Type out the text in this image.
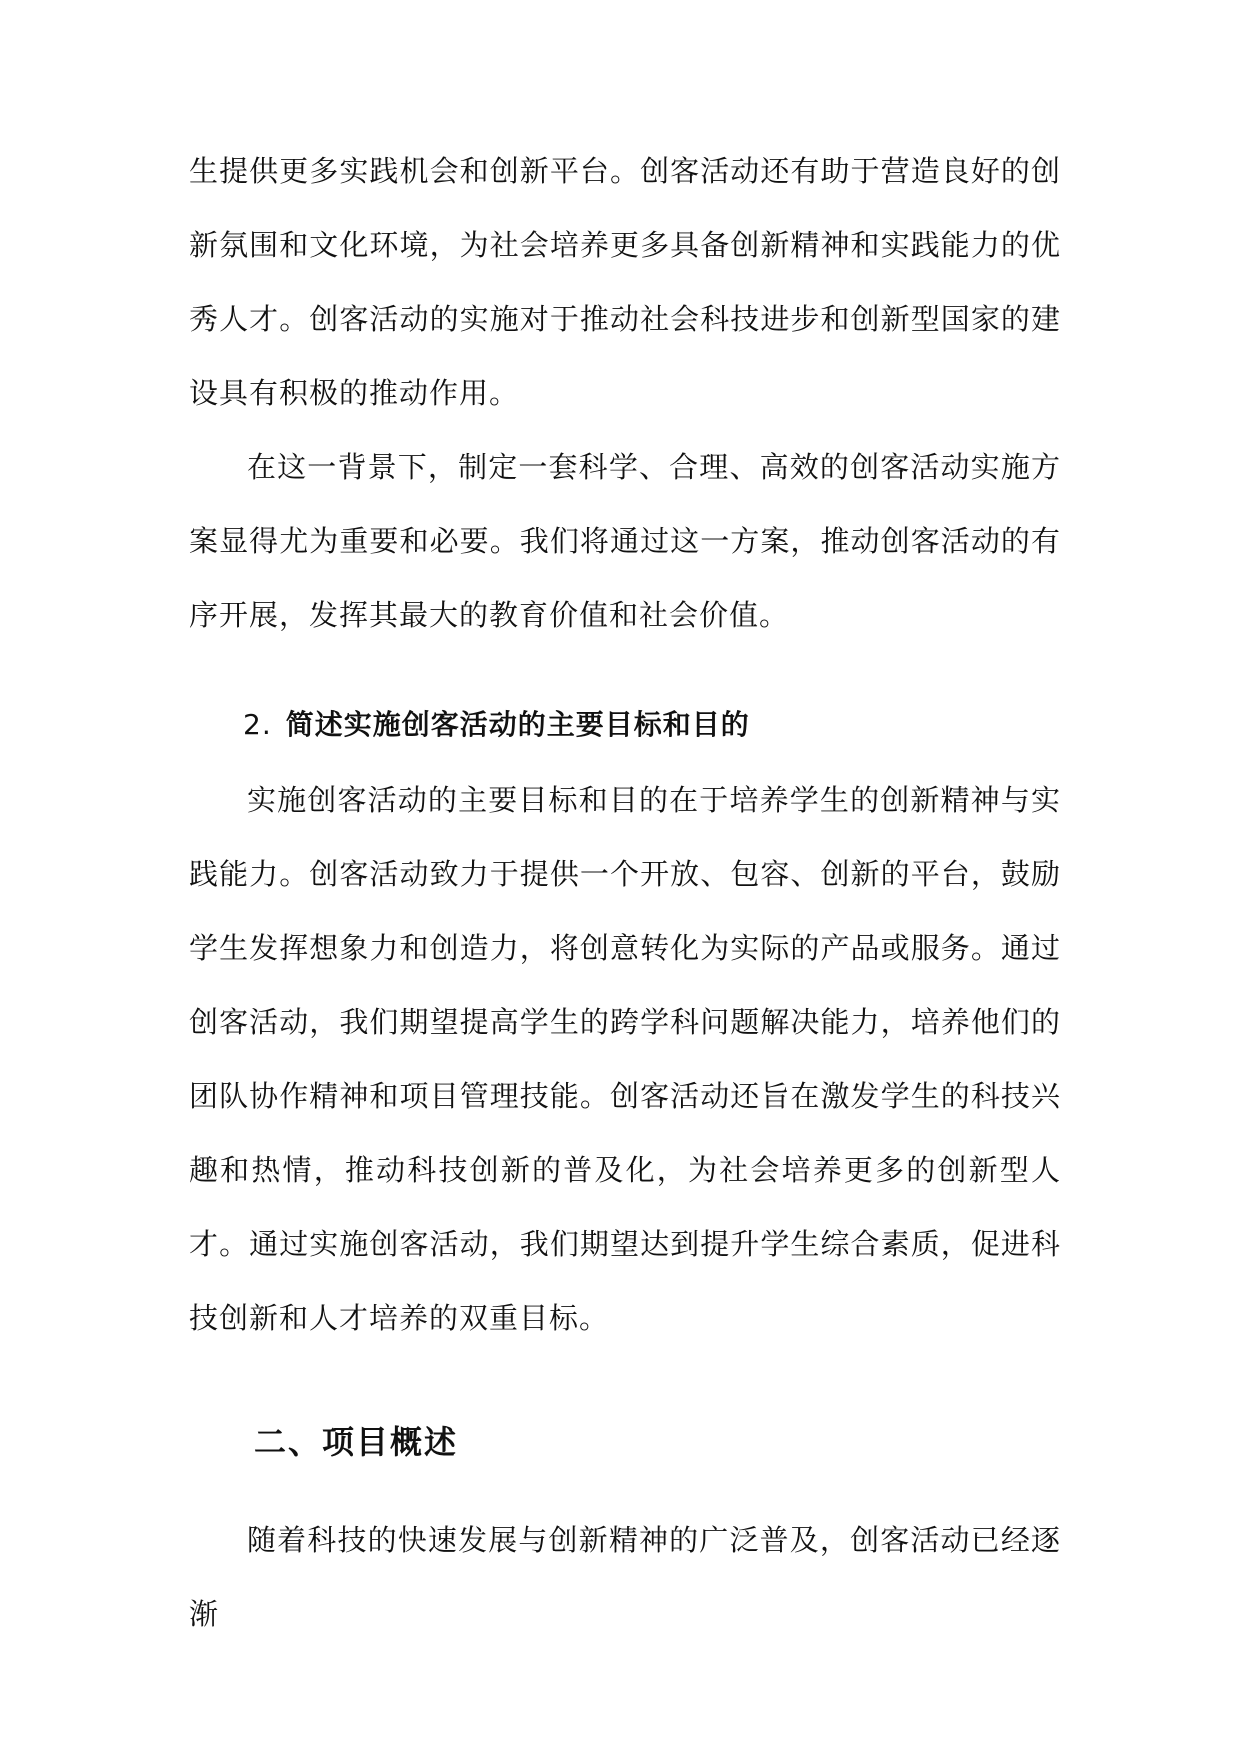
生提供更多实践机会和创新平台。创客活动还有助于营造良好的创新氛围和文化环境，为社会培养更多具备创新精神和实践能力的优秀人才。创客活动的实施对于推动社会科技进步和创新型国家的建设具有积极的推动作用。

在这一背景下，制定一套科学、合理、高效的创客活动实施方案显得尤为重要和必要。我们将通过这一方案，推动创客活动的有序开展，发挥其最大的教育价值和社会价值。

2. 简述实施创客活动的主要目标和目的

实施创客活动的主要目标和目的在于培养学生的创新精神与实践能力。创客活动致力于提供一个开放、包容、创新的平台，鼓励学生发挥想象力和创造力，将创意转化为实际的产品或服务。通过创客活动，我们期望提高学生的跨学科问题解决能力，培养他们的团队协作精神和项目管理技能。创客活动还旨在激发学生的科技兴趣和热情，推动科技创新的普及化，为社会培养更多的创新型人才。通过实施创客活动，我们期望达到提升学生综合素质，促进科技创新和人才培养的双重目标。

二、项目概述

随着科技的快速发展与创新精神的广泛普及，创客活动已经逐渐
